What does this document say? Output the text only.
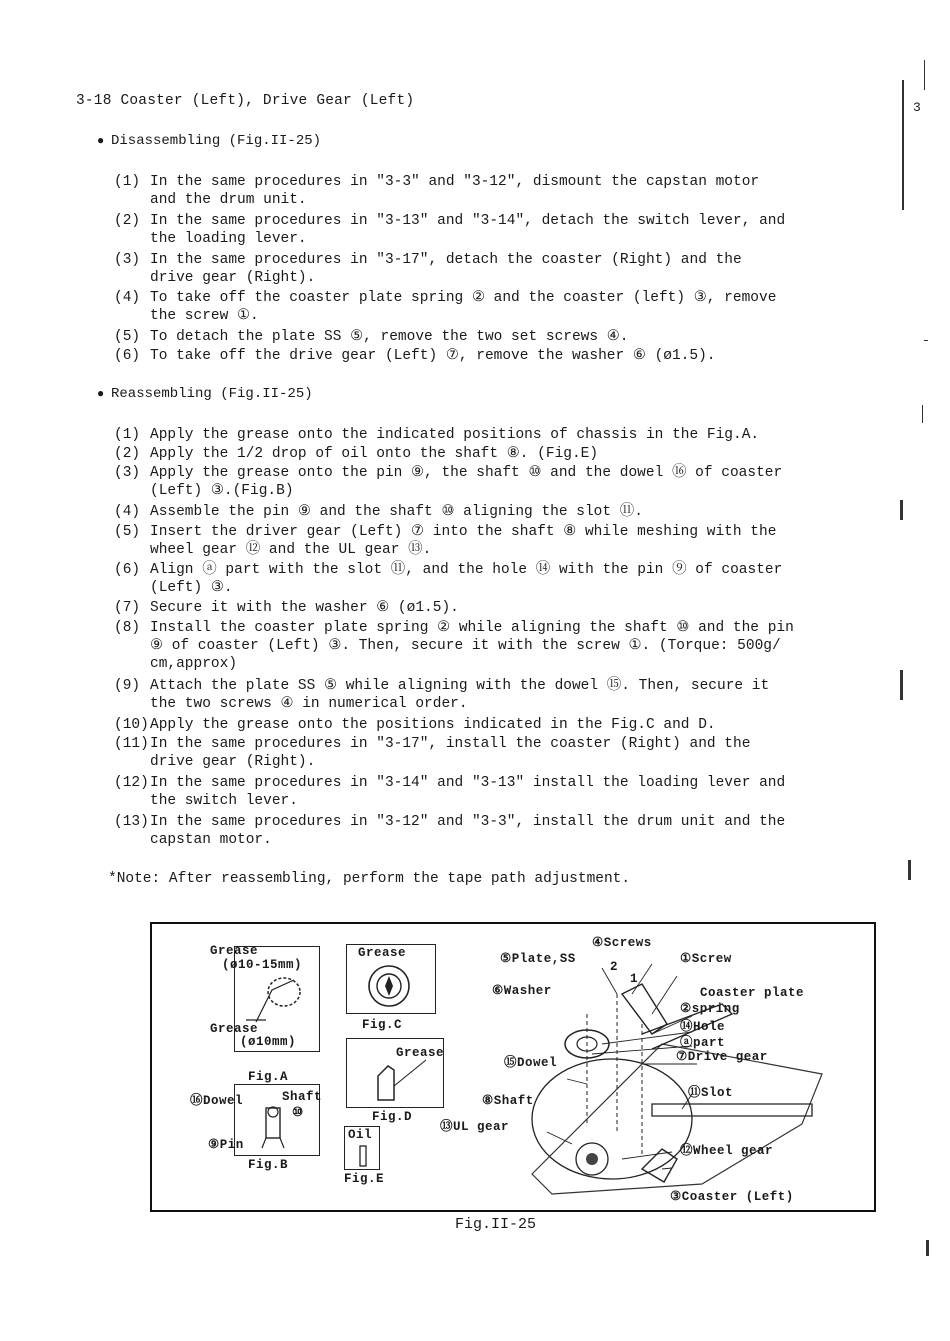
3-18 Coaster (Left), Drive Gear (Left)
● Disassembling (Fig.II-25)
(1) In the same procedures in "3-3" and "3-12", dismount the capstan motor
and the drum unit.
(2) In the same procedures in "3-13" and "3-14", detach the switch lever, and
the loading lever.
(3) In the same procedures in "3-17", detach the coaster (Right) and the
drive gear (Right).
(4) To take off the coaster plate spring ② and the coaster (left) ③, remove
the screw ①.
(5) To detach the plate SS ⑤, remove the two set screws ④.
(6) To take off the drive gear (Left) ⑦, remove the washer ⑥ (ø1.5).
● Reassembling (Fig.II-25)
(1) Apply the grease onto the indicated positions of chassis in the Fig.A.
(2) Apply the 1/2 drop of oil onto the shaft ⑧. (Fig.E)
(3) Apply the grease onto the pin ⑨, the shaft ⑩ and the dowel ⑯ of coaster
(Left) ③.(Fig.B)
(4) Assemble the pin ⑨ and the shaft ⑩ aligning the slot ⑪.
(5) Insert the driver gear (Left) ⑦ into the shaft ⑧ while meshing with the
wheel gear ⑫ and the UL gear ⑬.
(6) Align ⓐ part with the slot ⑪, and the hole ⑭ with the pin ⑨ of coaster
(Left) ③.
(7) Secure it with the washer ⑥ (ø1.5).
(8) Install the coaster plate spring ② while aligning the shaft ⑩ and the pin
⑨ of coaster (Left) ③. Then, secure it with the screw ①. (Torque: 500g/
cm,approx)
(9) Attach the plate SS ⑤ while aligning with the dowel ⑮. Then, secure it
the two screws ④ in numerical order.
(10)Apply the grease onto the positions indicated in the Fig.C and D.
(11)In the same procedures in "3-17", install the coaster (Right) and the
drive gear (Right).
(12)In the same procedures in "3-14" and "3-13" install the loading lever and
the switch lever.
(13)In the same procedures in "3-12" and "3-3", install the drum unit and the
capstan motor.
*Note: After reassembling, perform the tape path adjustment.
Grease
(ø10-15mm)
Grease
(ø10mm)
Fig.A
⑯Dowel	Shaft
⑩
⑨Pin
Fig.B
Grease
Fig.C
Grease
Fig.D
Oil
Fig.E
④Screws
⑤Plate,SS
2
1
①Screw
⑥Washer	Coaster plate
②spring
⑭Hole
ⓐpart
⑮Dowel	⑦Drive gear
⑪Slot
⑧Shaft
⑬UL gear
⑫Wheel gear
③Coaster (Left)
Fig.II-25
3
